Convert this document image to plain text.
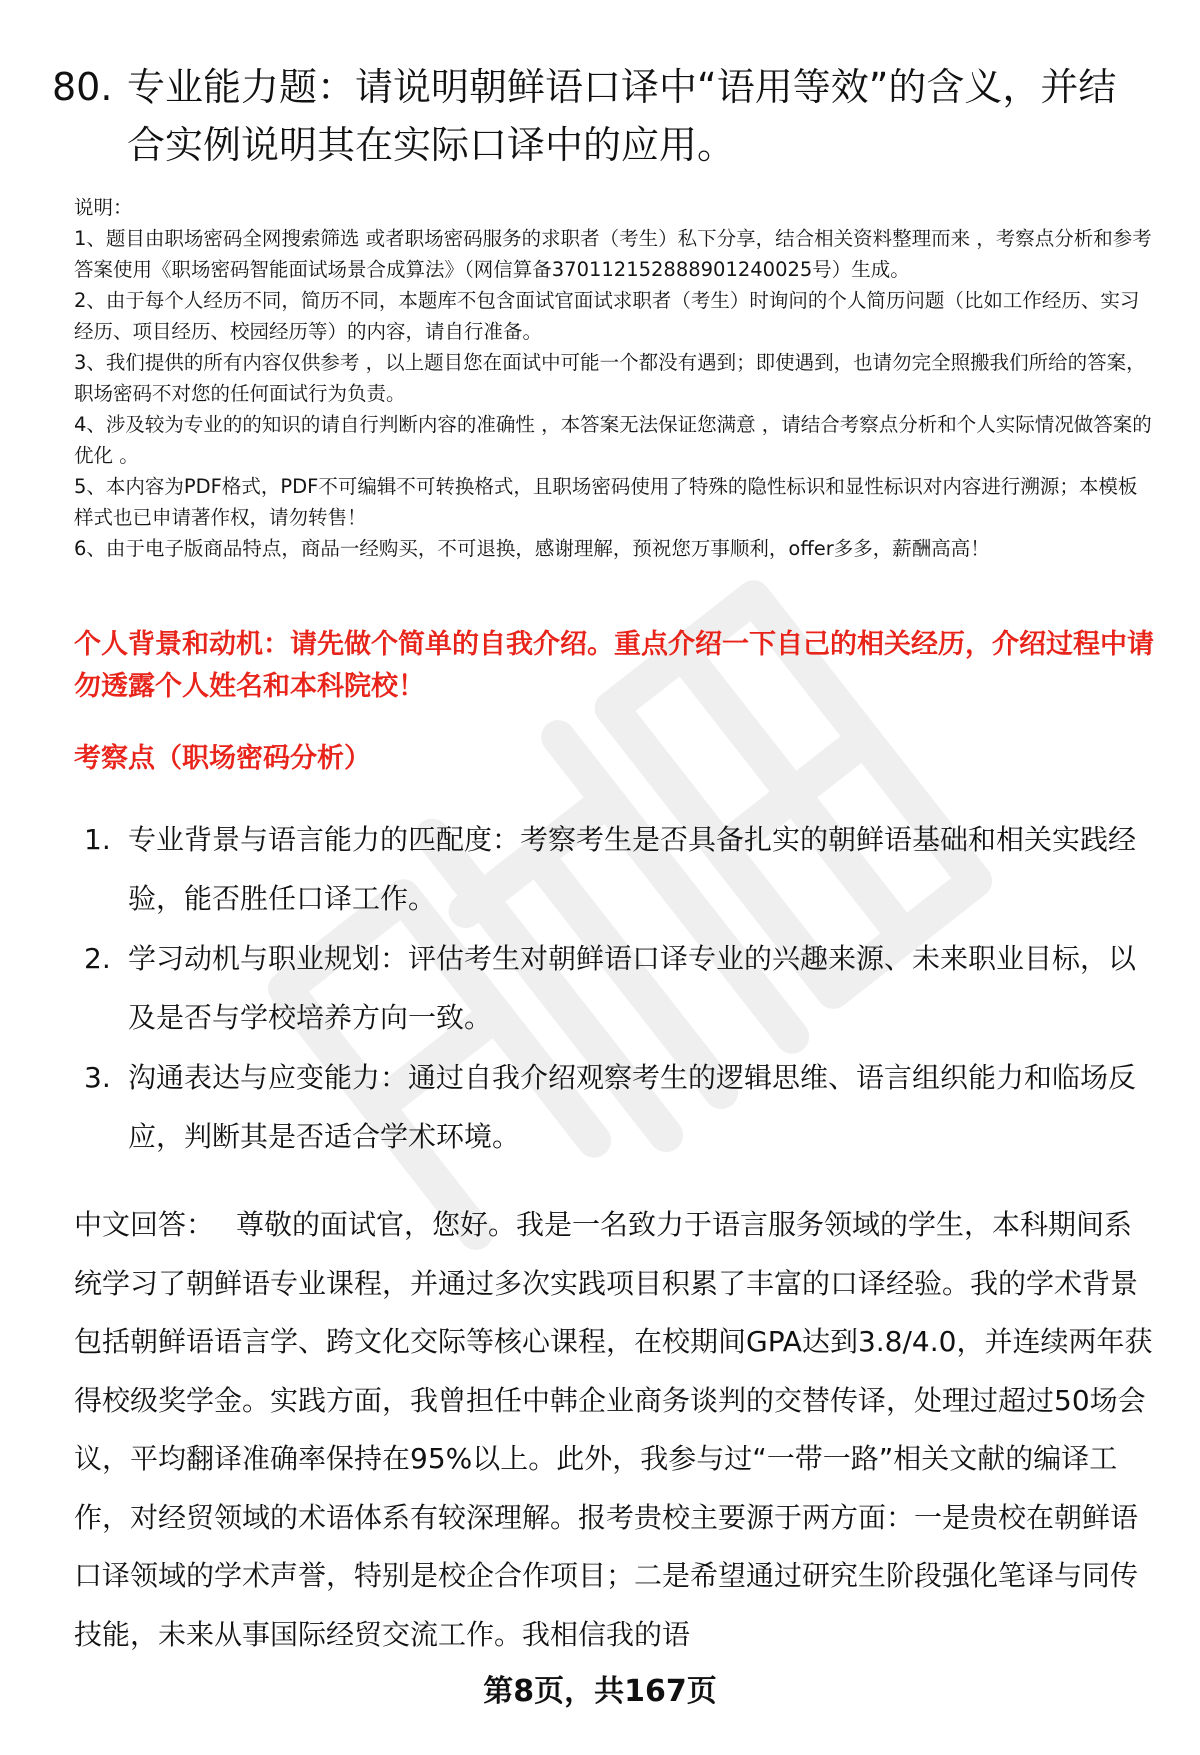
80. 专业能力题：请说明朝鲜语口译中“语用等效”的含义，并结合实例说明其在实际口译中的应用。

说明：

1、题目由职场密码全网搜索筛选 或者职场密码服务的求职者（考生）私下分享，结合相关资料整理而来 ，考察点分析和参考答案使用《职场密码智能面试场景合成算法》（网信算备370112152888901240025号）生成。

2、由于每个人经历不同，简历不同，本题库不包含面试官面试求职者（考生）时询问的个人简历问题（比如工作经历、实习经历、项目经历、校园经历等）的内容，请自行准备。

3、我们提供的所有内容仅供参考 ，以上题目您在面试中可能一个都没有遇到；即使遇到，也请勿完全照搬我们所给的答案，职场密码不对您的任何面试行为负责。

4、涉及较为专业的的知识的请自行判断内容的准确性 ，本答案无法保证您满意 ，请结合考察点分析和个人实际情况做答案的优化 。

5、本内容为PDF格式，PDF不可编辑不可转换格式，且职场密码使用了特殊的隐性标识和显性标识对内容进行溯源；本模板样式也已申请著作权，请勿转售！

6、由于电子版商品特点，商品一经购买，不可退换，感谢理解，预祝您万事顺利，offer多多，薪酬高高！

个人背景和动机：请先做个简单的自我介绍。重点介绍一下自己的相关经历，介绍过程中请勿透露个人姓名和本科院校！
考察点（职场密码分析）
1. 专业背景与语言能力的匹配度：考察考生是否具备扎实的朝鲜语基础和相关实践经验，能否胜任口译工作。
2. 学习动机与职业规划：评估考生对朝鲜语口译专业的兴趣来源、未来职业目标，以及是否与学校培养方向一致。
3. 沟通表达与应变能力：通过自我介绍观察考生的逻辑思维、语言组织能力和临场反应，判断其是否适合学术环境。
中文回答： 尊敬的面试官，您好。我是一名致力于语言服务领域的学生，本科期间系统学习了朝鲜语专业课程，并通过多次实践项目积累了丰富的口译经验。我的学术背景包括朝鲜语语言学、跨文化交际等核心课程，在校期间GPA达到3.8/4.0，并连续两年获得校级奖学金。实践方面，我曾担任中韩企业商务谈判的交替传译，处理过超过50场会议，平均翻译准确率保持在95%以上。此外，我参与过“一带一路”相关文献的编译工作，对经贸领域的术语体系有较深理解。报考贵校主要源于两方面：一是贵校在朝鲜语口译领域的学术声誉，特别是校企合作项目；二是希望通过研究生阶段强化笔译与同传技能，未来从事国际经贸交流工作。我相信我的语
第8页，共167页
